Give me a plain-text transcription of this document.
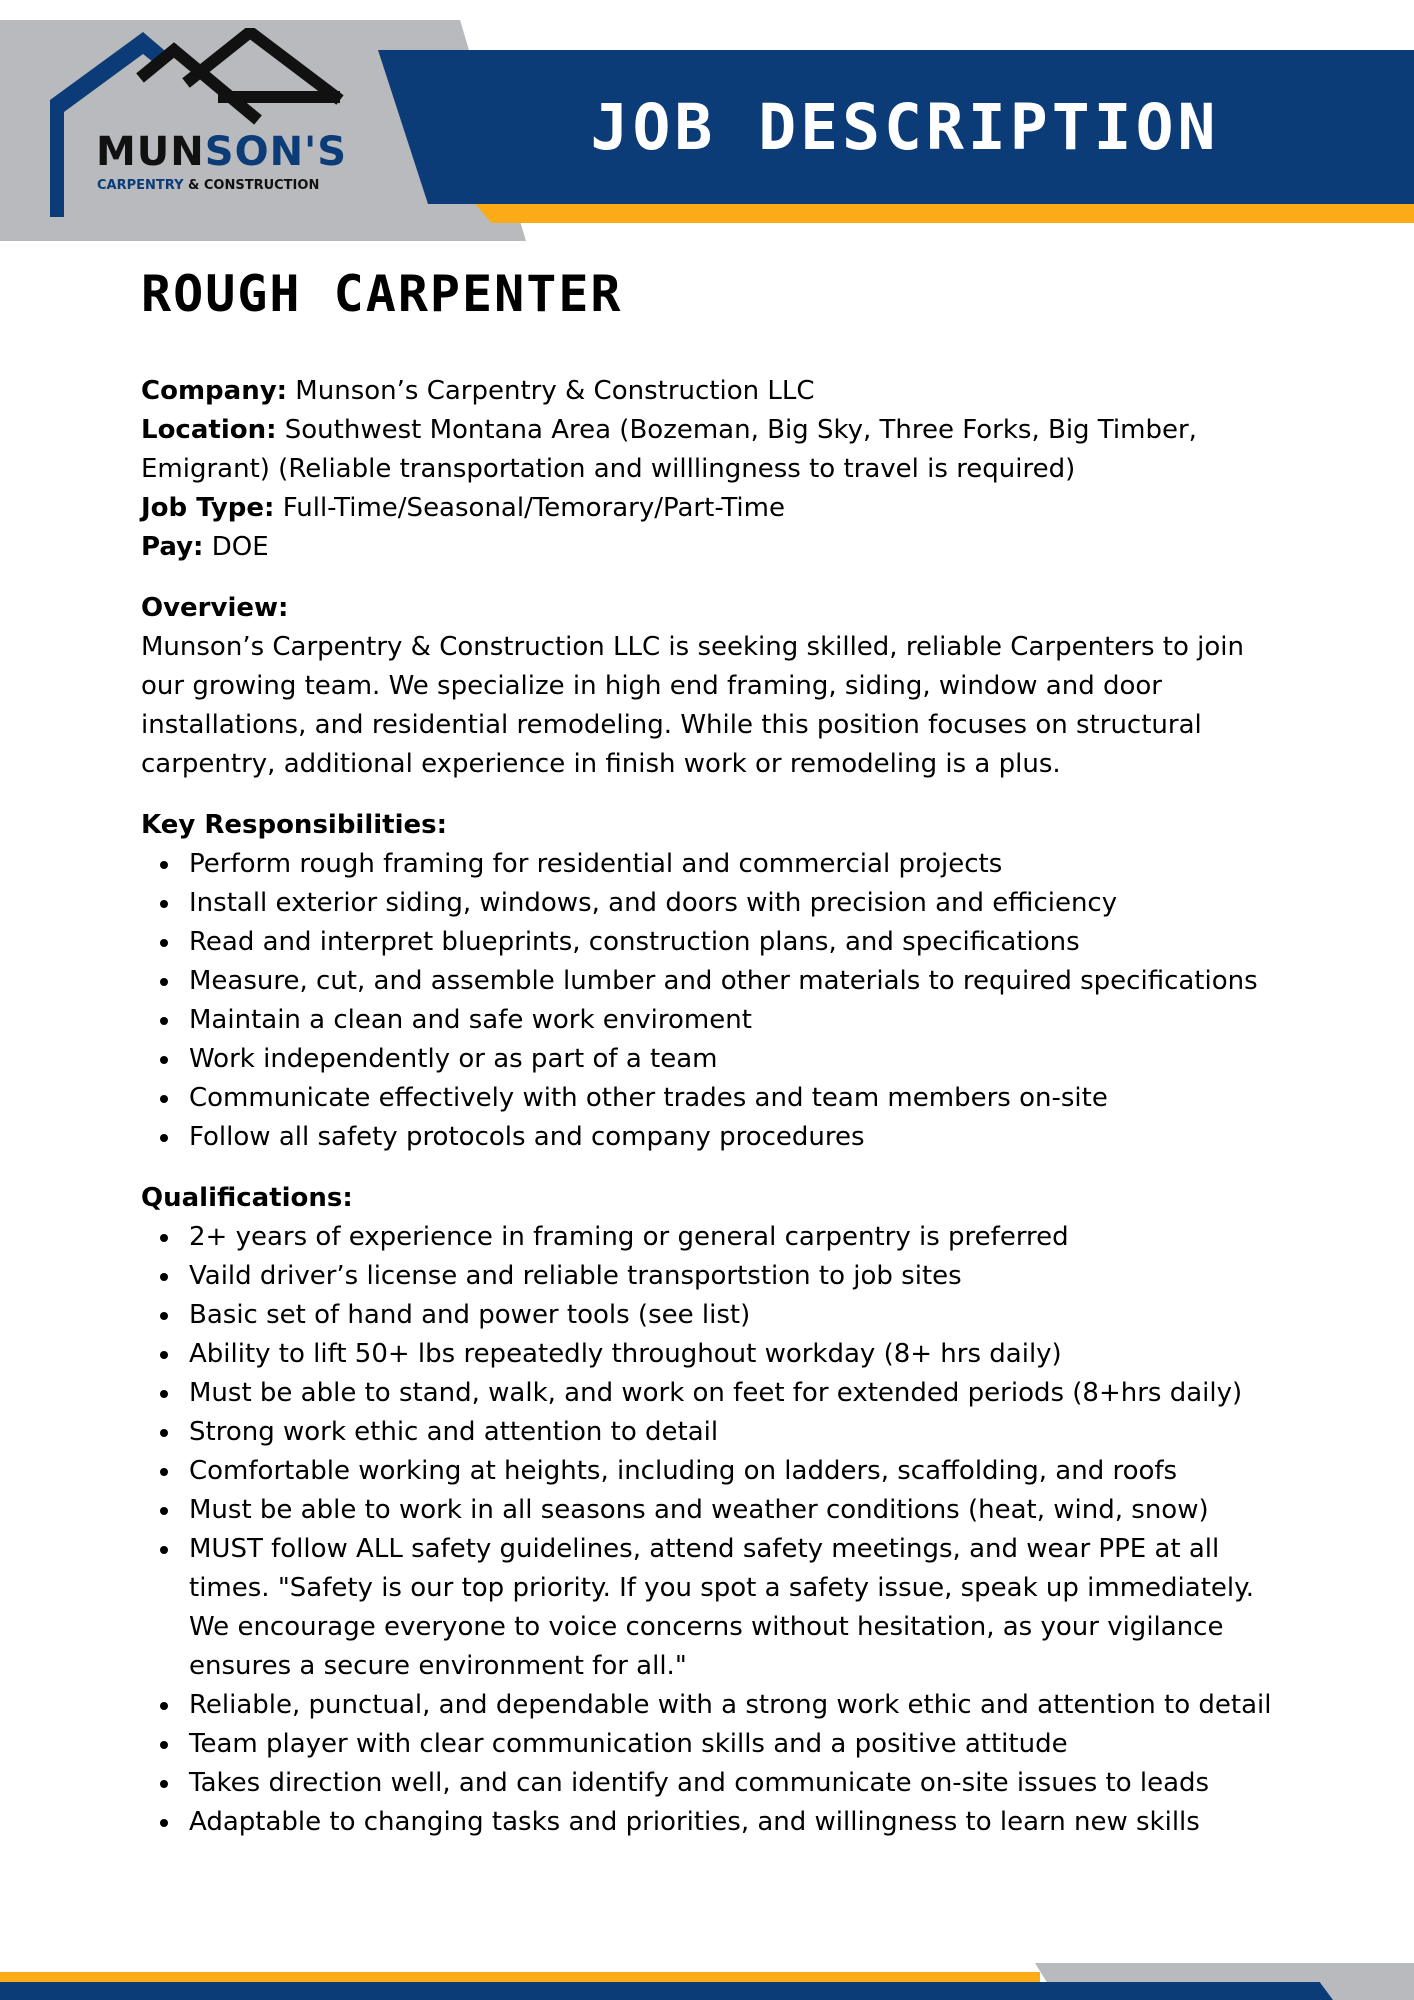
JOB DESCRIPTION
MUNSON'S
CARPENTRY & CONSTRUCTION
ROUGH CARPENTER

Company: Munson’s Carpentry & Construction LLC

Location: Southwest Montana Area (Bozeman, Big Sky, Three Forks, Big Timber, Emigrant) (Reliable transportation and willlingness to travel is required)

Job Type: Full-Time/Seasonal/Temorary/Part-Time

Pay: DOE

Overview:

Munson’s Carpentry & Construction LLC is seeking skilled, reliable Carpenters to join our growing team. We specialize in high end framing, siding, window and door installations, and residential remodeling. While this position focuses on structural carpentry, additional experience in finish work or remodeling is a plus.

Key Responsibilities:

Perform rough framing for residential and commercial projects
Install exterior siding, windows, and doors with precision and efficiency
Read and interpret blueprints, construction plans, and specifications
Measure, cut, and assemble lumber and other materials to required specifications
Maintain a clean and safe work enviroment
Work independently or as part of a team
Communicate effectively with other trades and team members on-site
Follow all safety protocols and company procedures

Qualifications:

2+ years of experience in framing or general carpentry is preferred
Vaild driver’s license and reliable transportstion to job sites
Basic set of hand and power tools (see list)
Ability to lift 50+ lbs repeatedly throughout workday (8+ hrs daily)
Must be able to stand, walk, and work on feet for extended periods (8+hrs daily)
Strong work ethic and attention to detail
Comfortable working at heights, including on ladders, scaffolding, and roofs
Must be able to work in all seasons and weather conditions (heat, wind, snow)
MUST follow ALL safety guidelines, attend safety meetings, and wear PPE at all times. "Safety is our top priority. If you spot a safety issue, speak up immediately. We encourage everyone to voice concerns without hesitation, as your vigilance ensures a secure environment for all."
Reliable, punctual, and dependable with a strong work ethic and attention to detail
Team player with clear communication skills and a positive attitude
Takes direction well, and can identify and communicate on-site issues to leads
Adaptable to changing tasks and priorities, and willingness to learn new skills
